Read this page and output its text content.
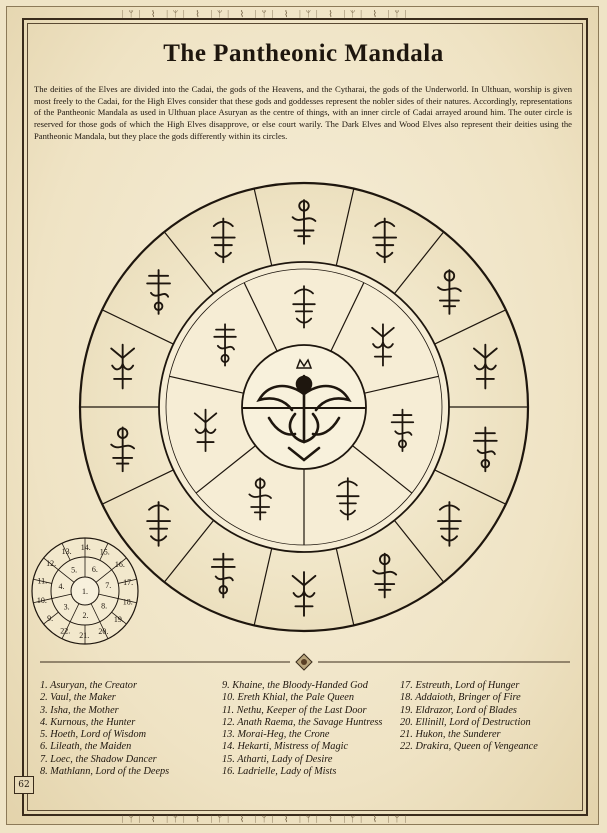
ᛁᛘᛁ ⌇ ᛁᛘᛁ ⌇ ᛁᛘᛁ ⌇ ᛁᛘᛁ ⌇ ᛁᛘᛁ ⌇ ᛁᛘᛁ ⌇ ᛁᛘᛁ
ᛁᛘᛁ ⌇ ᛁᛘᛁ ⌇ ᛁᛘᛁ ⌇ ᛁᛘᛁ ⌇ ᛁᛘᛁ ⌇ ᛁᛘᛁ ⌇ ᛁᛘᛁ
The Pantheonic Mandala
The deities of the Elves are divided into the Cadai, the gods of the Heavens, and the Cytharai, the gods of the Underworld. In Ulthuan, worship is given most freely to the Cadai, for the High Elves consider that these gods and goddesses represent the nobler sides of their natures. Accordingly, representations of the Pantheonic Mandala as used in Ulthuan place Asuryan as the centre of things, with an inner circle of Cadai arrayed around him. The outer circle is reserved for those gods of which the High Elves disapprove, or else court warily. The Dark Elves and Wood Elves also represent their deities using the Pantheonic Mandala, but they place the gods differently within its circles.
1.
9.
10.
11.
12.
13. 14.
15.
16.
17.
18.
19.
20.
21.
22.
2.
3.
4.
5. 6.
7.
8.
1. Asuryan, the Creator
2. Vaul, the Maker
3. Isha, the Mother
4. Kurnous, the Hunter
5. Hoeth, Lord of Wisdom
6. Lileath, the Maiden
7. Loec, the Shadow Dancer
8. Mathlann, Lord of the Deeps
9. Khaine, the Bloody-Handed God
10. Ereth Khial, the Pale Queen
11. Nethu, Keeper of the Last Door
12. Anath Raema, the Savage Huntress
13. Morai-Heg, the Crone
14. Hekarti, Mistress of Magic
15. Atharti, Lady of Desire
16. Ladrielle, Lady of Mists
17. Estreuth, Lord of Hunger
18. Addaioth, Bringer of Fire
19. Eldrazor, Lord of Blades
20. Ellinill, Lord of Destruction
21. Hukon, the Sunderer
22. Drakira, Queen of Vengeance
62
